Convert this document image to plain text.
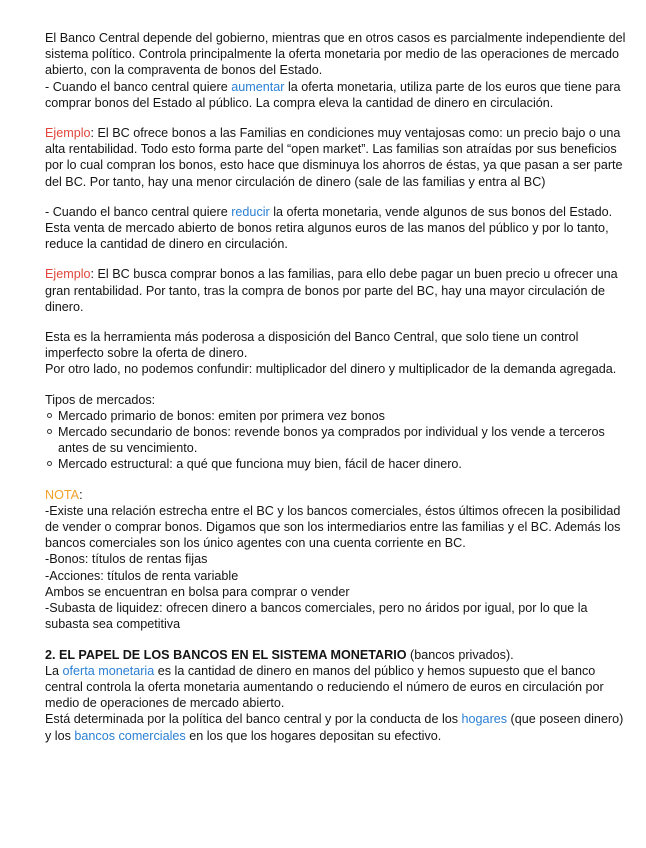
El Banco Central depende del gobierno, mientras que en otros casos es parcialmente independiente del sistema político. Controla principalmente la oferta monetaria por medio de las operaciones de mercado abierto, con la compraventa de bonos del Estado.
- Cuando el banco central quiere aumentar la oferta monetaria, utiliza parte de los euros que tiene para comprar bonos del Estado al público. La compra eleva la cantidad de dinero en circulación.

Ejemplo: El BC ofrece bonos a las Familias en condiciones muy ventajosas como: un precio bajo o una alta rentabilidad. Todo esto forma parte del “open market”. Las familias son atraídas por sus beneficios por lo cual compran los bonos, esto hace que disminuya los ahorros de éstas, ya que pasan a ser parte del BC. Por tanto, hay una menor circulación de dinero (sale de las familias y entra al BC)

- Cuando el banco central quiere reducir la oferta monetaria, vende algunos de sus bonos del Estado. Esta venta de mercado abierto de bonos retira algunos euros de las manos del público y por lo tanto, reduce la cantidad de dinero en circulación.

Ejemplo: El BC busca comprar bonos a las familias, para ello debe pagar un buen precio u ofrecer una gran rentabilidad. Por tanto, tras la compra de bonos por parte del BC, hay una mayor circulación de dinero.

Esta es la herramienta más poderosa a disposición del Banco Central, que solo tiene un control imperfecto sobre la oferta de dinero.
Por otro lado, no podemos confundir: multiplicador del dinero y multiplicador de la demanda agregada.

Tipos de mercados:
Mercado primario de bonos: emiten por primera vez bonos
Mercado secundario de bonos: revende bonos ya comprados por individual y los vende a terceros antes de su vencimiento.
Mercado estructural: a qué que funciona muy bien, fácil de hacer dinero.
NOTA:
-Existe una relación estrecha entre el BC y los bancos comerciales, éstos últimos ofrecen la posibilidad de vender o comprar bonos. Digamos que son los intermediarios entre las familias y el BC. Además los bancos comerciales son los único agentes con una cuenta corriente en BC.
-Bonos: títulos de rentas fijas
-Acciones: títulos de renta variable
Ambos se encuentran en bolsa para comprar o vender
-Subasta de liquidez: ofrecen dinero a bancos comerciales, pero no áridos por igual, por lo que la subasta sea competitiva
2. EL PAPEL DE LOS BANCOS EN EL SISTEMA MONETARIO (bancos privados).
La oferta monetaria es la cantidad de dinero en manos del público y hemos supuesto que el banco central controla la oferta monetaria aumentando o reduciendo el número de euros en circulación por medio de operaciones de mercado abierto.
Está determinada por la política del banco central y por la conducta de los hogares (que poseen dinero) y los bancos comerciales en los que los hogares depositan su efectivo.
